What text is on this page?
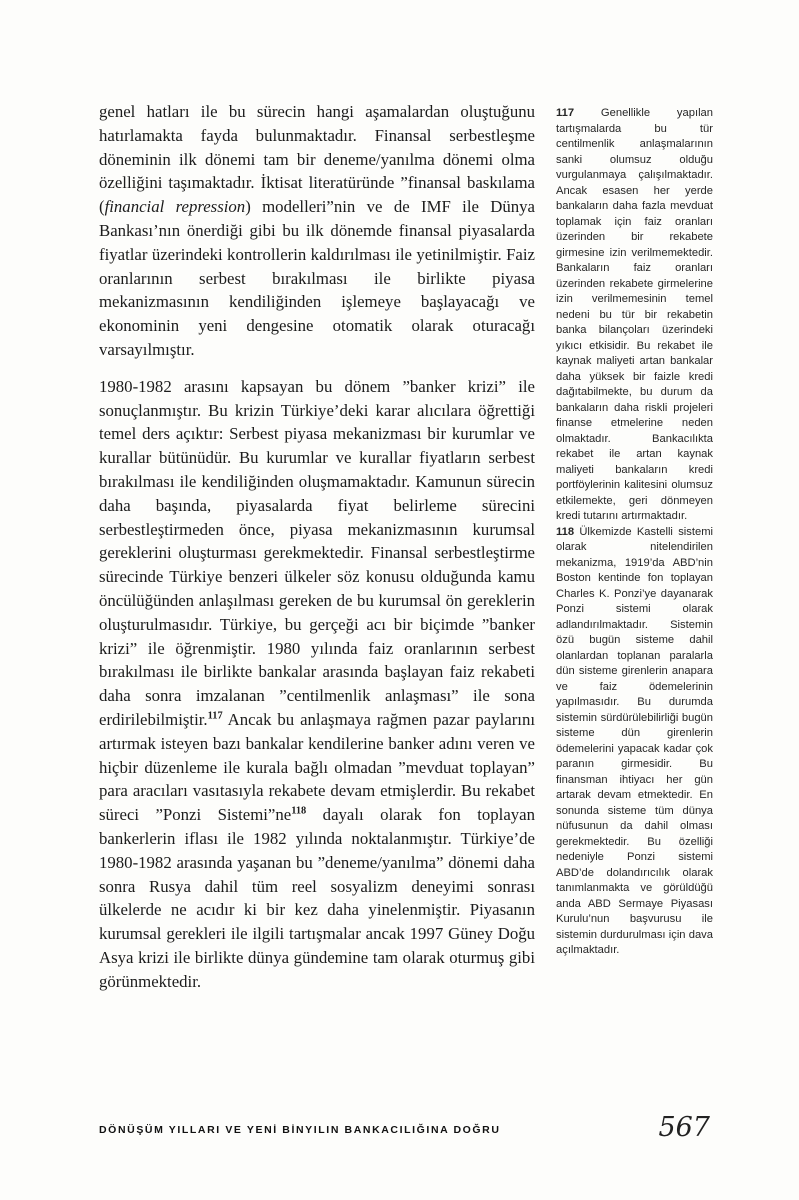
genel hatları ile bu sürecin hangi aşamalardan oluştuğunu hatırlamakta fayda bulunmaktadır. Finansal serbestleşme döneminin ilk dönemi tam bir deneme/yanılma dönemi olma özelliğini taşımaktadır. İktisat literatüründe ”finansal baskılama (financial repression) modelleri”nin ve de IMF ile Dünya Bankası’nın önerdiği gibi bu ilk dönemde finansal piyasalarda fiyatlar üzerindeki kontrollerin kaldırılması ile yetinilmiştir. Faiz oranlarının serbest bırakılması ile birlikte piyasa mekanizmasının kendiliğinden işlemeye başlayacağı ve ekonominin yeni dengesine otomatik olarak oturacağı varsayılmıştır.

1980-1982 arasını kapsayan bu dönem ”banker krizi” ile sonuçlanmıştır. Bu krizin Türkiye’deki karar alıcılara öğrettiği temel ders açıktır: Serbest piyasa mekanizması bir kurumlar ve kurallar bütünüdür. Bu kurumlar ve kurallar fiyatların serbest bırakılması ile kendiliğinden oluşmamaktadır. Kamunun sürecin daha başında, piyasalarda fiyat belirleme sürecini serbestleştirmeden önce, piyasa mekanizmasının kurumsal gereklerini oluşturması gerekmektedir. Finansal serbestleştirme sürecinde Türkiye benzeri ülkeler söz konusu olduğunda kamu öncülüğünden anlaşılması gereken de bu kurumsal ön gereklerin oluşturulmasıdır. Türkiye, bu gerçeği acı bir biçimde ”banker krizi” ile öğrenmiştir. 1980 yılında faiz oranlarının serbest bırakılması ile birlikte bankalar arasında başlayan faiz rekabeti daha sonra imzalanan ”centilmenlik anlaşması” ile sona erdirilebilmiştir.$^{117}$ Ancak bu anlaşmaya rağmen pazar paylarını artırmak isteyen bazı bankalar kendilerine banker adını veren ve hiçbir düzenleme ile kurala bağlı olmadan ”mevduat toplayan” para aracıları vasıtasıyla rekabete devam etmişlerdir. Bu rekabet süreci ”Ponzi Sistemi”ne$^{118}$ dayalı olarak fon toplayan bankerlerin iflası ile 1982 yılında noktalanmıştır. Türkiye’de 1980-1982 arasında yaşanan bu ”deneme/yanılma” dönemi daha sonra Rusya dahil tüm reel sosyalizm deneyimi sonrası ülkelerde ne acıdır ki bir kez daha yinelenmiştir. Piyasanın kurumsal gerekleri ile ilgili tartışmalar ancak 1997 Güney Doğu Asya krizi ile birlikte dünya gündemine tam olarak oturmuş gibi görünmektedir.

117 Genellikle yapılan tartışmalarda bu tür centilmenlik anlaşmalarının sanki olumsuz olduğu vurgulanmaya çalışılmaktadır. Ancak esasen her yerde bankaların daha fazla mevduat toplamak için faiz oranları üzerinden bir rekabete girmesine izin verilmemektedir. Bankaların faiz oranları üzerinden rekabete girmelerine izin verilmemesinin temel nedeni bu tür bir rekabetin banka bilançoları üzerindeki yıkıcı etkisidir. Bu rekabet ile kaynak maliyeti artan bankalar daha yüksek bir faizle kredi dağıtabilmekte, bu durum da bankaların daha riskli projeleri finanse etmelerine neden olmaktadır. Bankacılıkta rekabet ile artan kaynak maliyeti bankaların kredi portföylerinin kalitesini olumsuz etkilemekte, geri dönmeyen kredi tutarını artırmaktadır.
118 Ülkemizde Kastelli sistemi olarak nitelendirilen mekanizma, 1919’da ABD’nin Boston kentinde fon toplayan Charles K. Ponzi’ye dayanarak Ponzi sistemi olarak adlandırılmaktadır. Sistemin özü bugün sisteme dahil olanlardan toplanan paralarla dün sisteme girenlerin anapara ve faiz ödemelerinin yapılmasıdır. Bu durumda sistemin sürdürülebilirliği bugün sisteme dün girenlerin ödemelerini yapacak kadar çok paranın girmesidir. Bu finansman ihtiyacı her gün artarak devam etmektedir. En sonunda sisteme tüm dünya nüfusunun da dahil olması gerekmektedir. Bu özelliği nedeniyle Ponzi sistemi ABD’de dolandırıcılık olarak tanımlanmakta ve görüldüğü anda ABD Sermaye Piyasası Kurulu’nun başvurusu ile sistemin durdurulması için dava açılmaktadır.
DÖNÜŞÜM YILLARI VE YENİ BİNYILIN BANKACILIĞINA DOĞRU	567
